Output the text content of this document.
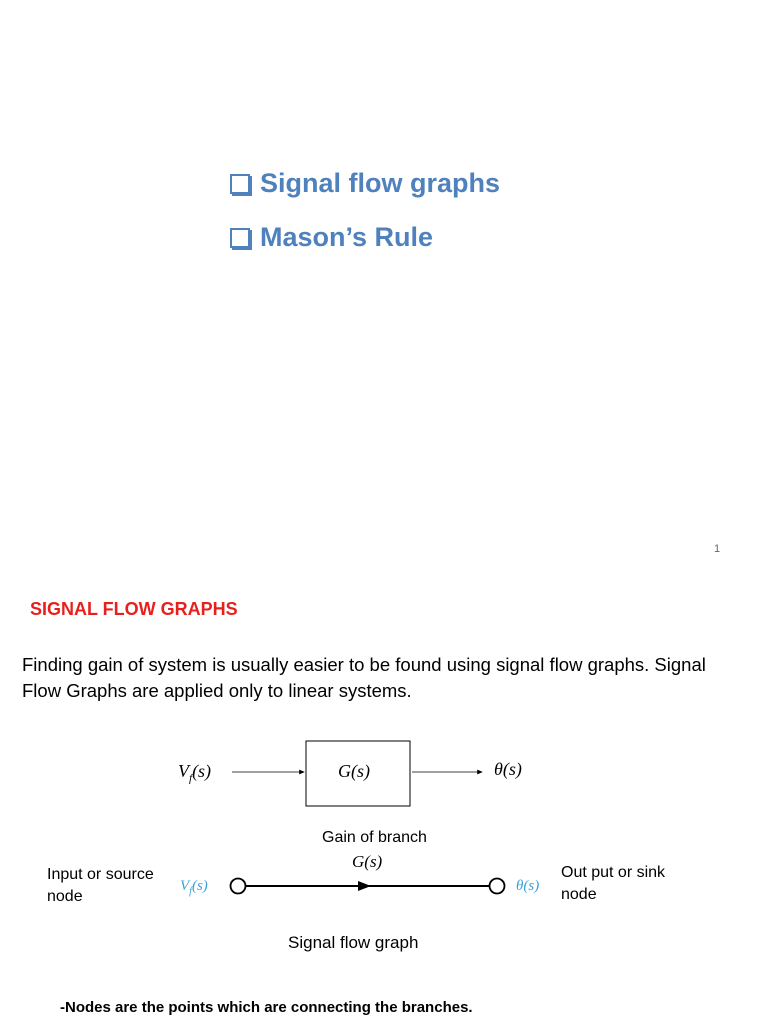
Signal flow graphs
Mason’s Rule
1
SIGNAL FLOW GRAPHS
Finding gain of system is usually easier to be found using signal flow graphs. Signal Flow Graphs are applied only to linear systems.
$V_f(s)$	G(s)	θ(s)
Gain of branch
G(s)
Input or source node
$V_f(s)$	θ(s)
Out put or sink node
Signal flow graph
-Nodes are the points which are connecting the branches.
